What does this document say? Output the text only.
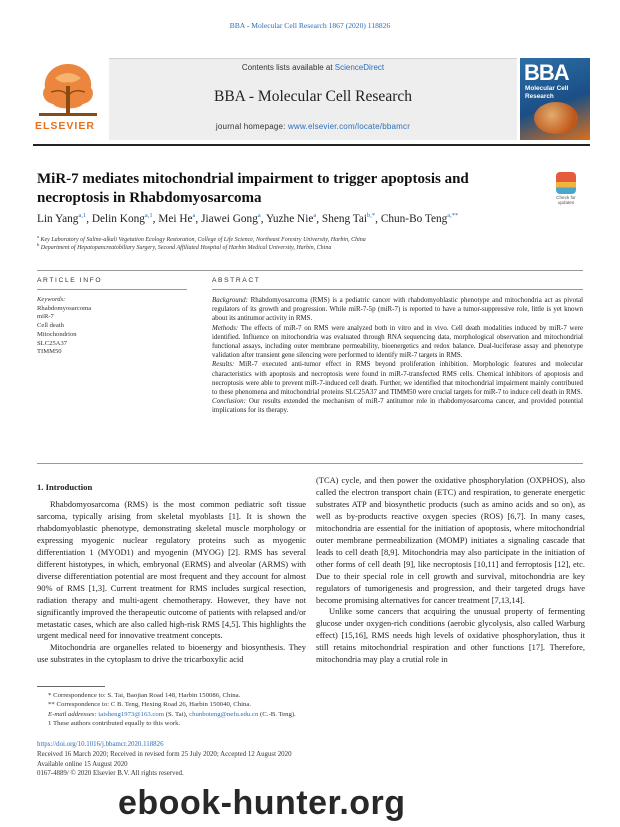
BBA - Molecular Cell Research 1867 (2020) 118826
ELSEVIER
Contents lists available at ScienceDirect
BBA - Molecular Cell Research
journal homepage: www.elsevier.com/locate/bbamcr
BBA
Molecular Cell Research
MiR-7 mediates mitochondrial impairment to trigger apoptosis and necroptosis in Rhabdomyosarcoma	Check for updates
Lin Yang$^{a,1}$, Delin Kong$^{a,1}$, Mei He$^a$, Jiawei Gong$^a$, Yuzhe Nie$^a$, Sheng Tai$^{b,*}$, Chun-Bo Teng$^{a,**}$
$^a$ Key Laboratory of Saline-alkali Vegetation Ecology Restoration, College of Life Science, Northeast Forestry University, Harbin, China
$^b$ Department of Hepatopancreatobiliary Surgery, Second Affiliated Hospital of Harbin Medical University, Harbin, China
ARTICLE INFO	ABSTRACT
Keywords:
Rhabdomyosarcoma
miR-7
Cell death
Mitochondrion
SLC25A37
TIMM50

Background: Rhabdomyosarcoma (RMS) is a pediatric cancer with rhabdomyoblastic phenotype and mitochondria act as pivotal regulators of its growth and progression. While miR-7-5p (miR-7) is reported to have a tumor-suppressive role, little is yet known about its antitumor activity in RMS.

Methods: The effects of miR-7 on RMS were analyzed both in vitro and in vivo. Cell death modalities induced by miR-7 were identified. Influence on mitochondria was evaluated through RNA sequencing data, morphological observation and mitochondrial functional assays, including outer membrane permeability, bioenergetics and redox balance. Dual-luciferase assay and phenotype validation after transient gene silencing were performed to identify miR-7 targets in RMS.

Results: MiR-7 executed anti-tumor effect in RMS beyond proliferation inhibition. Morphologic features and molecular characteristics with apoptosis and necroptosis were found in miR-7-transfected RMS cells. Chemical inhibitors of apoptosis and necroptosis were able to prevent miR-7-induced cell death. Further, we identified that mitochondrial impairment mainly contributed to these phenomena and mitochondrial proteins SLC25A37 and TIMM50 were crucial targets for miR-7 to induce cell death in RMS.

Conclusion: Our results extended the mechanism of miR-7 antitumor role in rhabdomyosarcoma cancer, and provided potential implications for its therapy.

1. Introduction

Rhabdomyosarcoma (RMS) is the most common pediatric soft tissue sarcoma, typically arising from skeletal myoblasts [1]. It is shown the rhabdomyoblastic phenotype, demonstrating skeletal muscle morphology or expressing myogenic nuclear regulatory proteins such as myogenic differentiation 1 (MYOD1) and myogenin (MYOG) [2]. RMS has several different histotypes, in which, embryonal (ERMS) and alveolar (ARMS) with diverse differentiation potential are most frequent and they account for almost 90% of RMS [1,3]. Current treatment for RMS includes surgical resection, radiation therapy and multi-agent chemotherapy. However, they have not significantly improved the therapeutic outcome of patients with relapsed and/or metastatic cases, which are also called high-risk RMS [4,5]. This highlights the urgent medical need for innovative treatment concepts.

Mitochondria are organelles related to bioenergy and biosynthesis. They use substrates in the cytoplasm to drive the tricarboxylic acid

(TCA) cycle, and then power the oxidative phosphorylation (OXPHOS), also called the electron transport chain (ETC) and respiration, to generate energetic substrates ATP and biosynthetic products (such as amino acids and so on), as well as by-products reactive oxygen species (ROS) [6,7]. In many cases, mitochondria are essential for the initiation of apoptosis, where mitochondrial outer membrane permeabilization (MOMP) initiates a signaling cascade that leads to cell death [8,9]. Mitochondria may also participate in the initiation of other forms of cell death [9], like necroptosis [10,11] and ferroptosis [12], etc. Due to their special role in cell growth and survival, mitochondria are key regulators of tumorigenesis and progression, and their targeted drugs have become promising alternatives for cancer treatment [7,13,14].

Unlike some cancers that acquiring the unusual property of fermenting glucose under oxygen-rich conditions (aerobic glycolysis, also called Warburg effect) [15,16], RMS needs high levels of oxidative phosphorylation, thus it still retains mitochondrial respiration and other functions [17]. Therefore, mitochondria may play a crutial role in

* Correspondence to: S. Tai, Baojian Road 148, Harbin 150086, China.
** Correspondence to: C B. Teng, Hexing Road 26, Harbin 150040, China.
E-mail addresses: taisheng1973@163.com (S. Tai), chunboteng@nefu.edu.cn (C.-B. Teng).
1 These authors contributed equally to this work.
https://doi.org/10.1016/j.bbamcr.2020.118826
Received 16 March 2020; Received in revised form 25 July 2020; Accepted 12 August 2020
Available online 15 August 2020
0167-4889/ © 2020 Elsevier B.V. All rights reserved.
ebook-hunter.org
